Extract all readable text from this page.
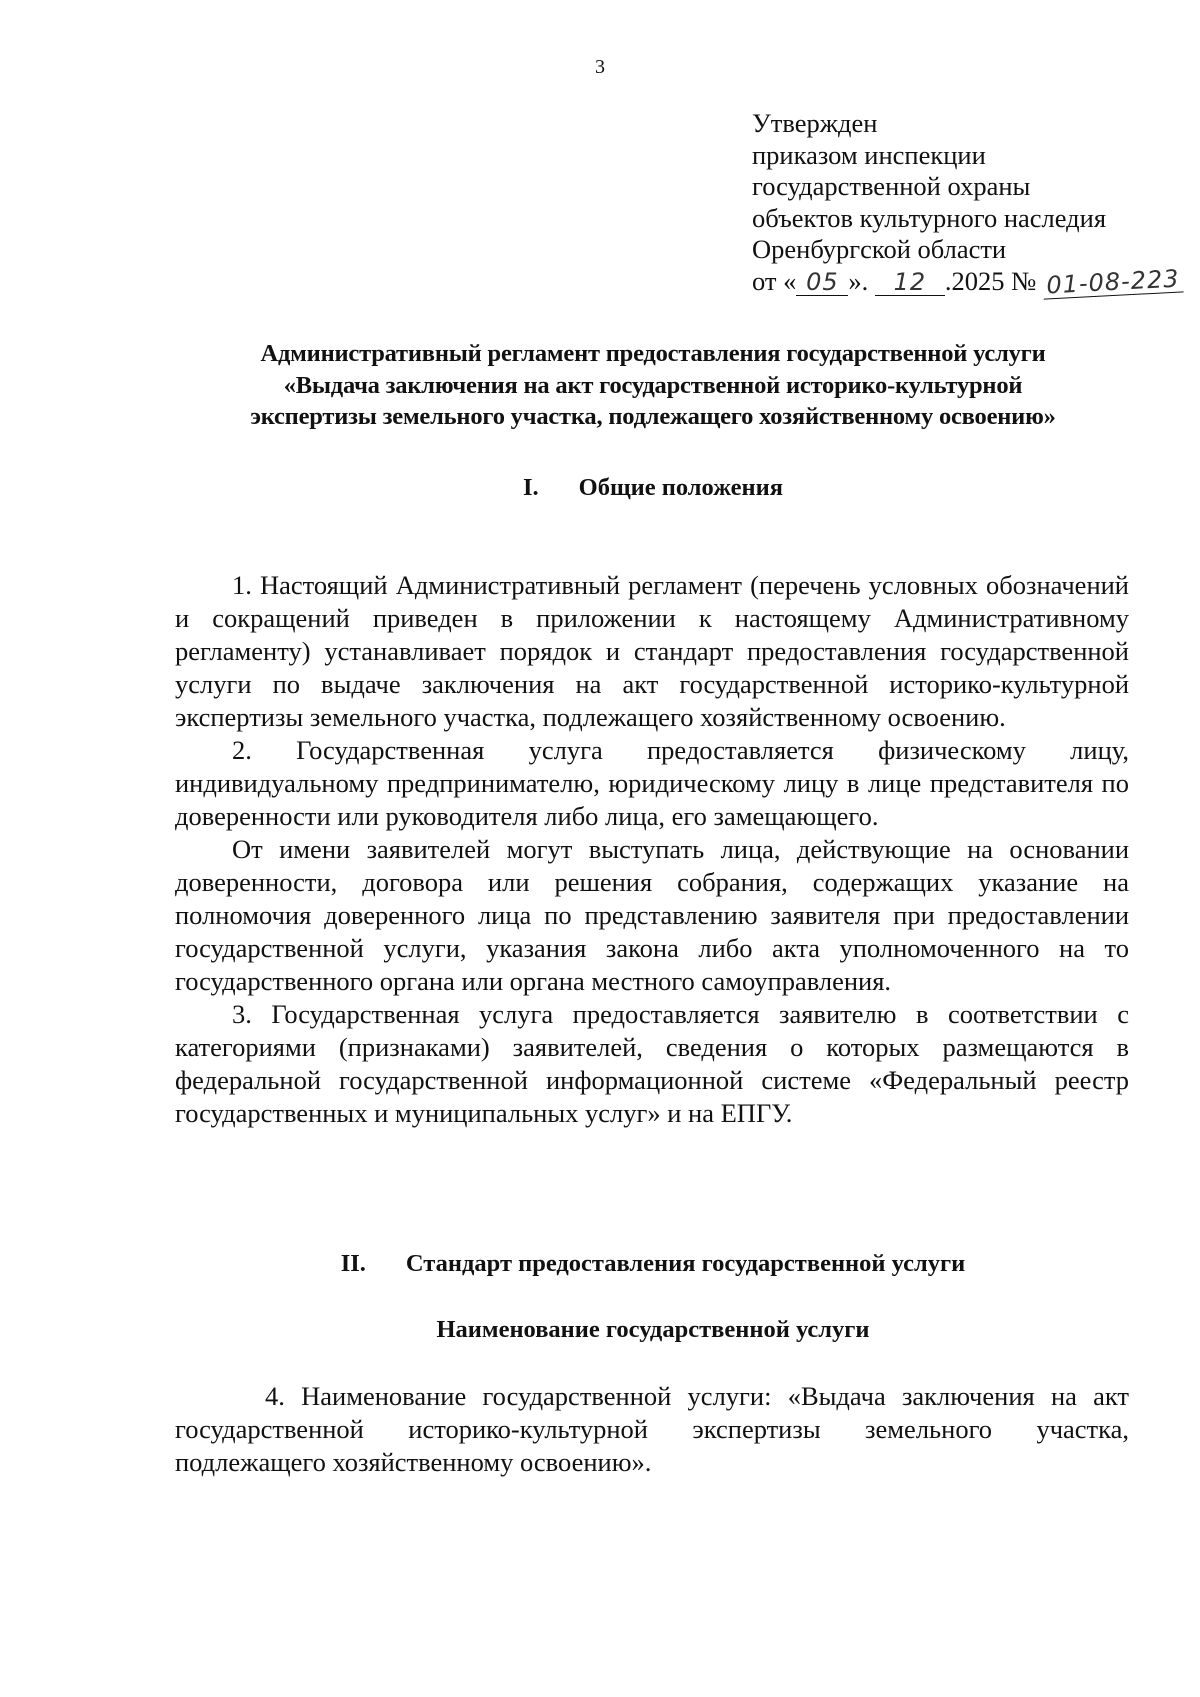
3
Утвержден
приказом инспекции
государственной охраны
объектов культурного наследия
Оренбургской области
от « 05 ». 12 .2025 № 01-08-223
Административный регламент предоставления государственной услуги
«Выдача заключения на акт государственной историко-культурной
экспертизы земельного участка, подлежащего хозяйственному освоению»
I. Общие положения

1. Настоящий Административный регламент (перечень условных обозначений и сокращений приведен в приложении к настоящему Административному регламенту) устанавливает порядок и стандарт предоставления государственной услуги по выдаче заключения на акт государственной историко-культурной экспертизы земельного участка, подлежащего хозяйственному освоению.

2. Государственная услуга предоставляется физическому лицу, индивидуальному предпринимателю, юридическому лицу в лице представителя по доверенности или руководителя либо лица, его замещающего.

От имени заявителей могут выступать лица, действующие на основании доверенности, договора или решения собрания, содержащих указание на полномочия доверенного лица по представлению заявителя при предоставлении государственной услуги, указания закона либо акта уполномоченного на то государственного органа или органа местного самоуправления.

3. Государственная услуга предоставляется заявителю в соответствии с категориями (признаками) заявителей, сведения о которых размещаются в федеральной государственной информационной системе «Федеральный реестр государственных и муниципальных услуг» и на ЕПГУ.

II. Стандарт предоставления государственной услуги
Наименование государственной услуги

4. Наименование государственной услуги: «Выдача заключения на акт государственной историко-культурной экспертизы земельного участка, подлежащего хозяйственному освоению».
